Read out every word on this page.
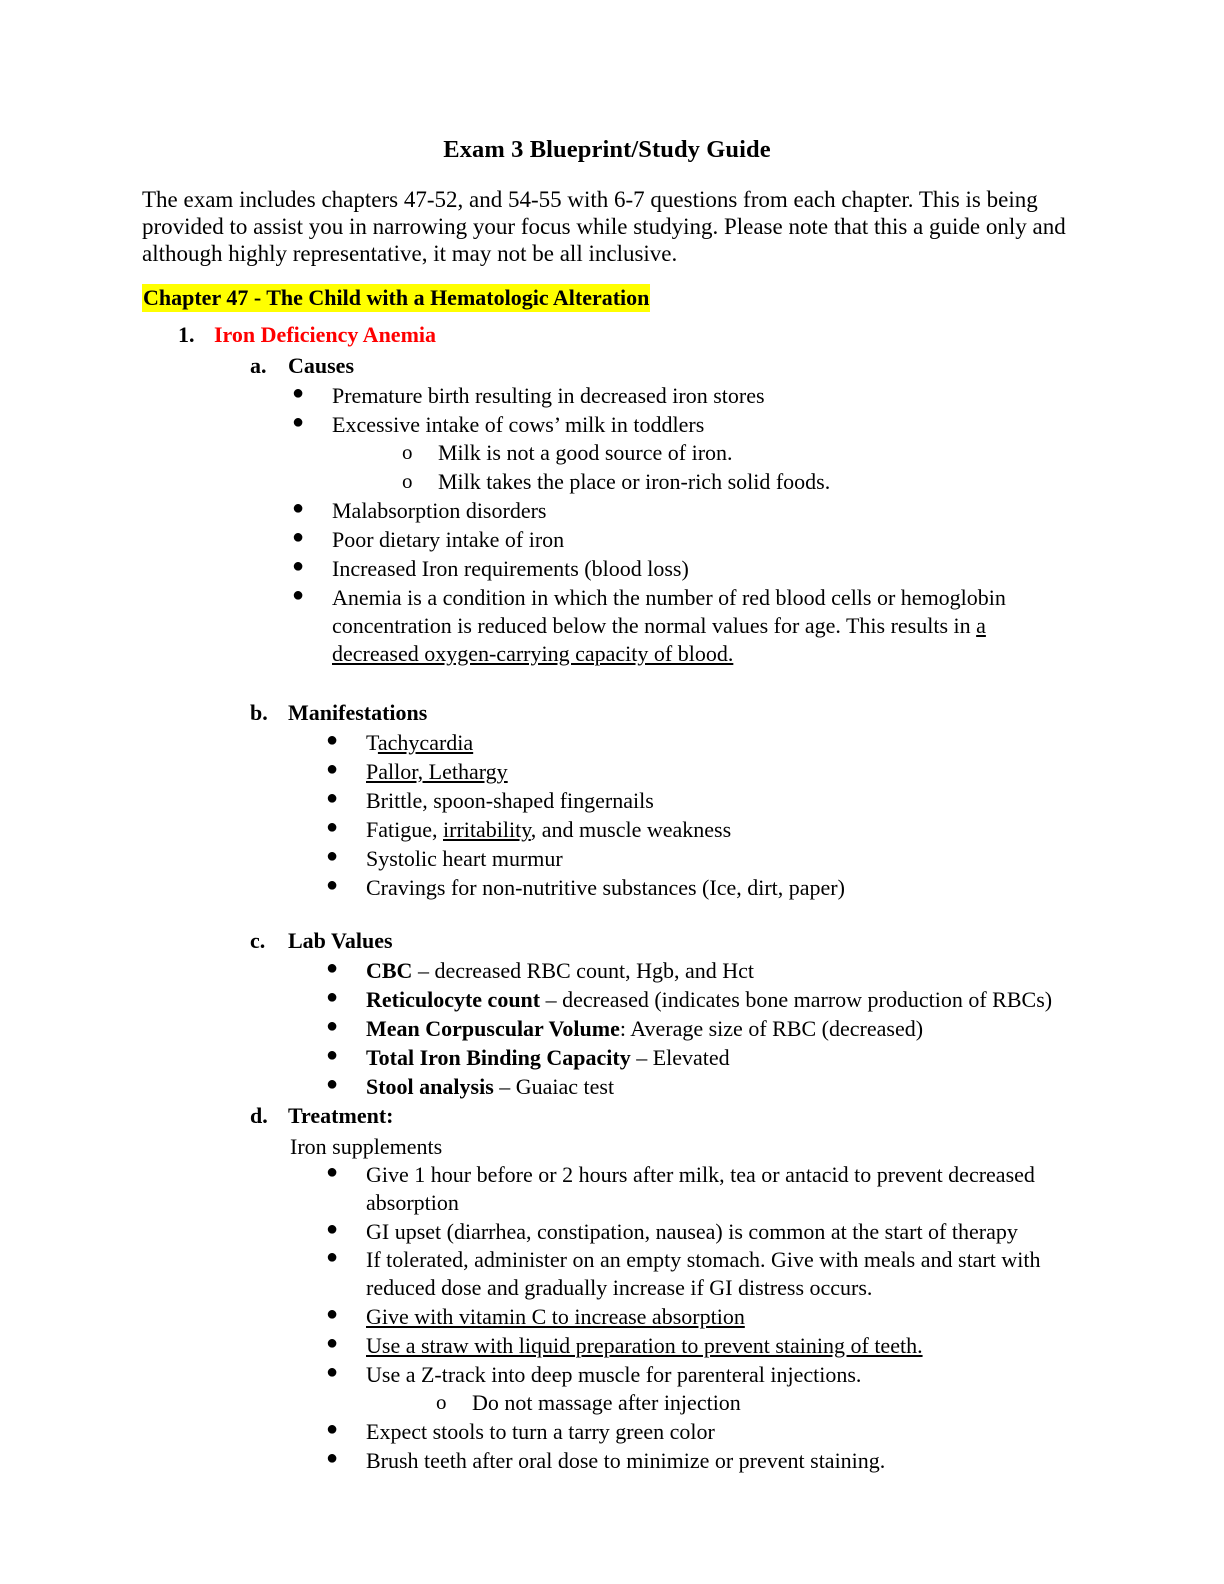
Exam 3 Blueprint/Study Guide

The exam includes chapters 47-52, and 54-55 with 6-7 questions from each chapter. This is being provided to assist you in narrowing your focus while studying. Please note that this a guide only and although highly representative, it may not be all inclusive.

Chapter 47 - The Child with a Hematologic Alteration
1. Iron Deficiency Anemia
a. Causes
● Premature birth resulting in decreased iron stores
● Excessive intake of cows’ milk in toddlers
o Milk is not a good source of iron.
o Milk takes the place or iron-rich solid foods.
● Malabsorption disorders
● Poor dietary intake of iron
● Increased Iron requirements (blood loss)
● Anemia is a condition in which the number of red blood cells or hemoglobin concentration is reduced below the normal values for age. This results in a decreased oxygen-carrying capacity of blood.
b. Manifestations
● Tachycardia
● Pallor, Lethargy
● Brittle, spoon-shaped fingernails
● Fatigue, irritability, and muscle weakness
● Systolic heart murmur
● Cravings for non-nutritive substances (Ice, dirt, paper)
c. Lab Values
● CBC – decreased RBC count, Hgb, and Hct
● Reticulocyte count – decreased (indicates bone marrow production of RBCs)
● Mean Corpuscular Volume: Average size of RBC (decreased)
● Total Iron Binding Capacity – Elevated
● Stool analysis – Guaiac test
d. Treatment:
Iron supplements
● Give 1 hour before or 2 hours after milk, tea or antacid to prevent decreased absorption
● GI upset (diarrhea, constipation, nausea) is common at the start of therapy
● If tolerated, administer on an empty stomach. Give with meals and start with reduced dose and gradually increase if GI distress occurs.
● Give with vitamin C to increase absorption
● Use a straw with liquid preparation to prevent staining of teeth.
● Use a Z-track into deep muscle for parenteral injections.
o Do not massage after injection
● Expect stools to turn a tarry green color
● Brush teeth after oral dose to minimize or prevent staining.
